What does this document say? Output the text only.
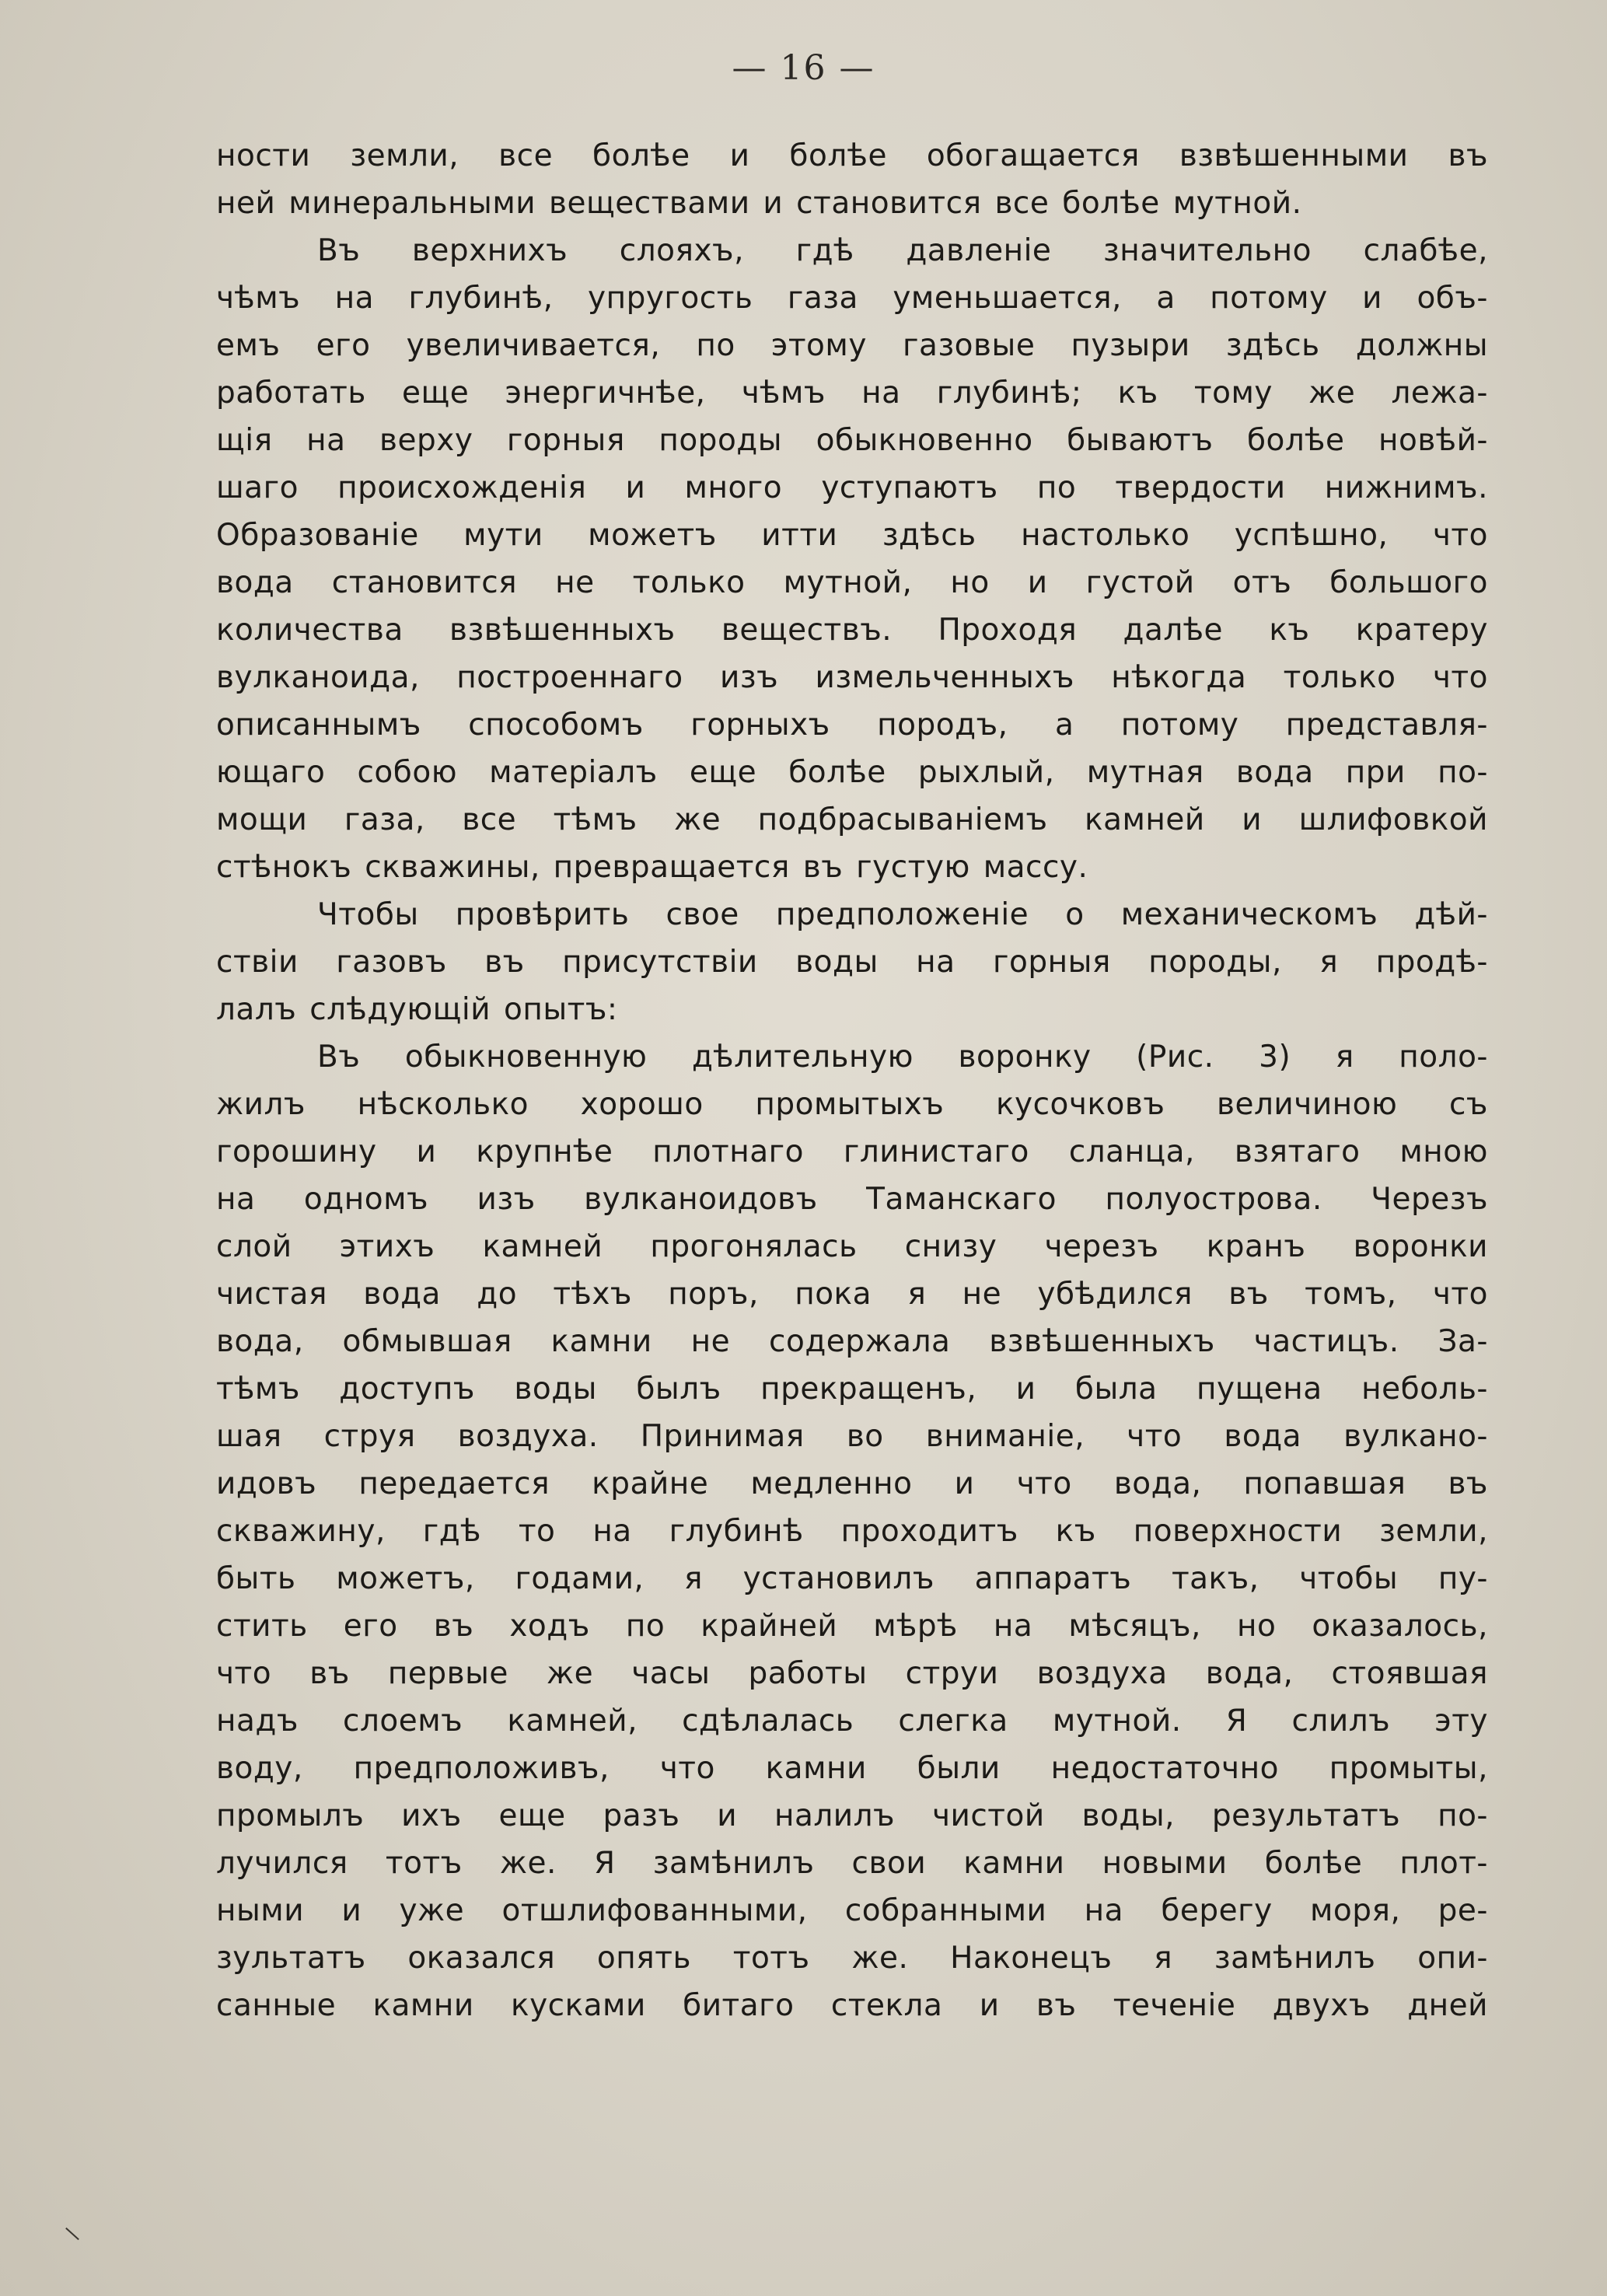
— 16 —
ности земли, все болѣе и болѣе обогащается взвѣшенными въ
ней минеральными веществами и становится все болѣе мутной.
Въ верхнихъ слояхъ, гдѣ давленіе значительно слабѣе,
чѣмъ на глубинѣ, упругость газа уменьшается, а потому и объ-
емъ его увеличивается, по этому газовые пузыри здѣсь должны
работать еще энергичнѣе, чѣмъ на глубинѣ; къ тому же лежа-
щія на верху горныя породы обыкновенно бываютъ болѣе новѣй-
шаго происхожденія и много уступаютъ по твердости нижнимъ.
Образованіе мути можетъ итти здѣсь настолько успѣшно, что
вода становится не только мутной, но и густой отъ большого
количества взвѣшенныхъ веществъ. Проходя далѣе къ кратеру
вулканоида, построеннаго изъ измельченныхъ нѣкогда только что
описаннымъ способомъ горныхъ породъ, а потому представля-
ющаго собою матеріалъ еще болѣе рыхлый, мутная вода при по-
мощи газа, все тѣмъ же подбрасываніемъ камней и шлифовкой
стѣнокъ скважины, превращается въ густую массу.
Чтобы провѣрить свое предположеніе о механическомъ дѣй-
ствіи газовъ въ присутствіи воды на горныя породы, я продѣ-
лалъ слѣдующій опытъ:
Въ обыкновенную дѣлительную воронку (Рис. 3) я поло-
жилъ нѣсколько хорошо промытыхъ кусочковъ величиною съ
горошину и крупнѣе плотнаго глинистаго сланца, взятаго мною
на одномъ изъ вулканоидовъ Таманскаго полуострова. Черезъ
слой этихъ камней прогонялась снизу черезъ кранъ воронки
чистая вода до тѣхъ поръ, пока я не убѣдился въ томъ, что
вода, обмывшая камни не содержала взвѣшенныхъ частицъ. За-
тѣмъ доступъ воды былъ прекращенъ, и была пущена неболь-
шая струя воздуха. Принимая во вниманіе, что вода вулкано-
идовъ передается крайне медленно и что вода, попавшая въ
скважину, гдѣ то на глубинѣ проходитъ къ поверхности земли,
быть можетъ, годами, я установилъ аппаратъ такъ, чтобы пу-
стить его въ ходъ по крайней мѣрѣ на мѣсяцъ, но оказалось,
что въ первые же часы работы струи воздуха вода, стоявшая
надъ слоемъ камней, сдѣлалась слегка мутной. Я слилъ эту
воду, предположивъ, что камни были недостаточно промыты,
промылъ ихъ еще разъ и налилъ чистой воды, результатъ по-
лучился тотъ же. Я замѣнилъ свои камни новыми болѣе плот-
ными и уже отшлифованными, собранными на берегу моря, ре-
зультатъ оказался опять тотъ же. Наконецъ я замѣнилъ опи-
санные камни кусками битаго стекла и въ теченіе двухъ дней
